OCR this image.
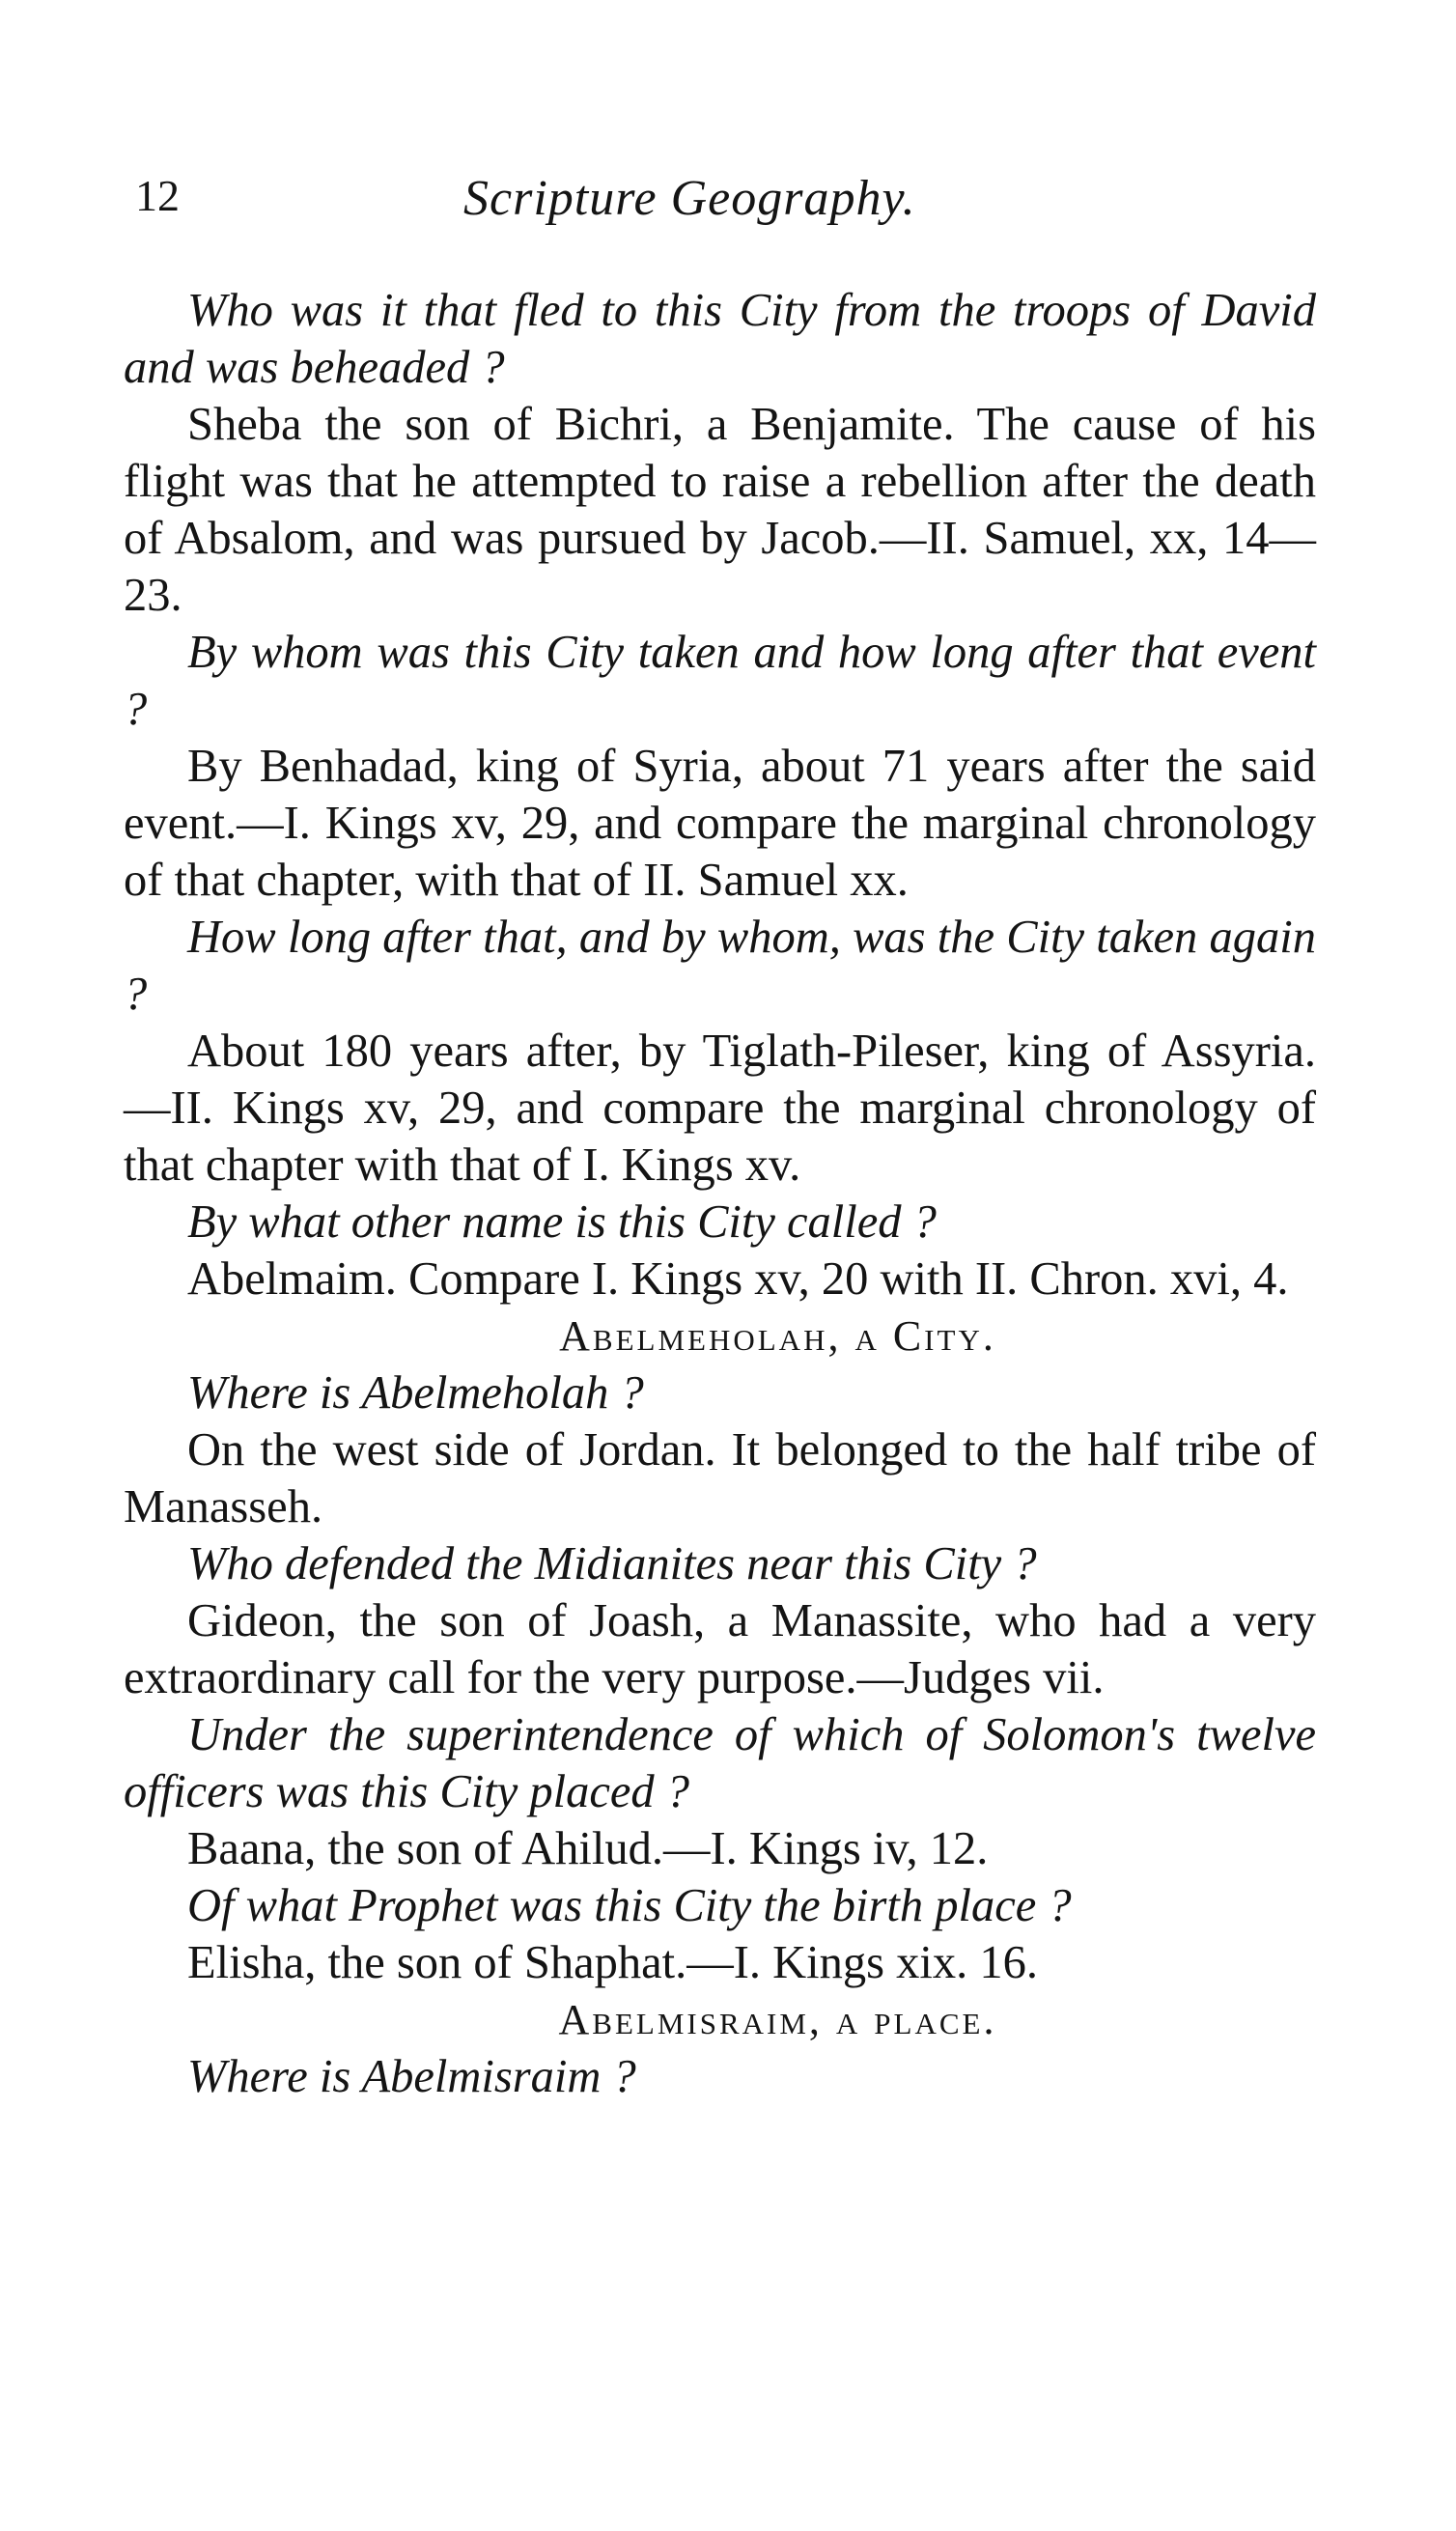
12	Scripture Geography.

Who was it that fled to this City from the troops of David and was beheaded ?

Sheba the son of Bichri, a Benjamite. The cause of his flight was that he attempted to raise a rebellion after the death of Absalom, and was pursued by Jacob.—II. Samuel, xx, 14—23.

By whom was this City taken and how long after that event ?

By Benhadad, king of Syria, about 71 years after the said event.—I. Kings xv, 29, and compare the marginal chronology of that chapter, with that of II. Samuel xx.

How long after that, and by whom, was the City taken again ?

About 180 years after, by Tiglath-Pileser, king of Assyria.—II. Kings xv, 29, and compare the marginal chronology of that chapter with that of I. Kings xv.

By what other name is this City called ?

Abelmaim. Compare I. Kings xv, 20 with II. Chron. xvi, 4.

Abelmeholah, a City.

Where is Abelmeholah ?

On the west side of Jordan. It belonged to the half tribe of Manasseh.

Who defended the Midianites near this City ?

Gideon, the son of Joash, a Manassite, who had a very extraordinary call for the very purpose.—Judges vii.

Under the superintendence of which of Solomon's twelve officers was this City placed ?

Baana, the son of Ahilud.—I. Kings iv, 12.

Of what Prophet was this City the birth place ?

Elisha, the son of Shaphat.—I. Kings xix. 16.

Abelmisraim, a place.

Where is Abelmisraim ?
